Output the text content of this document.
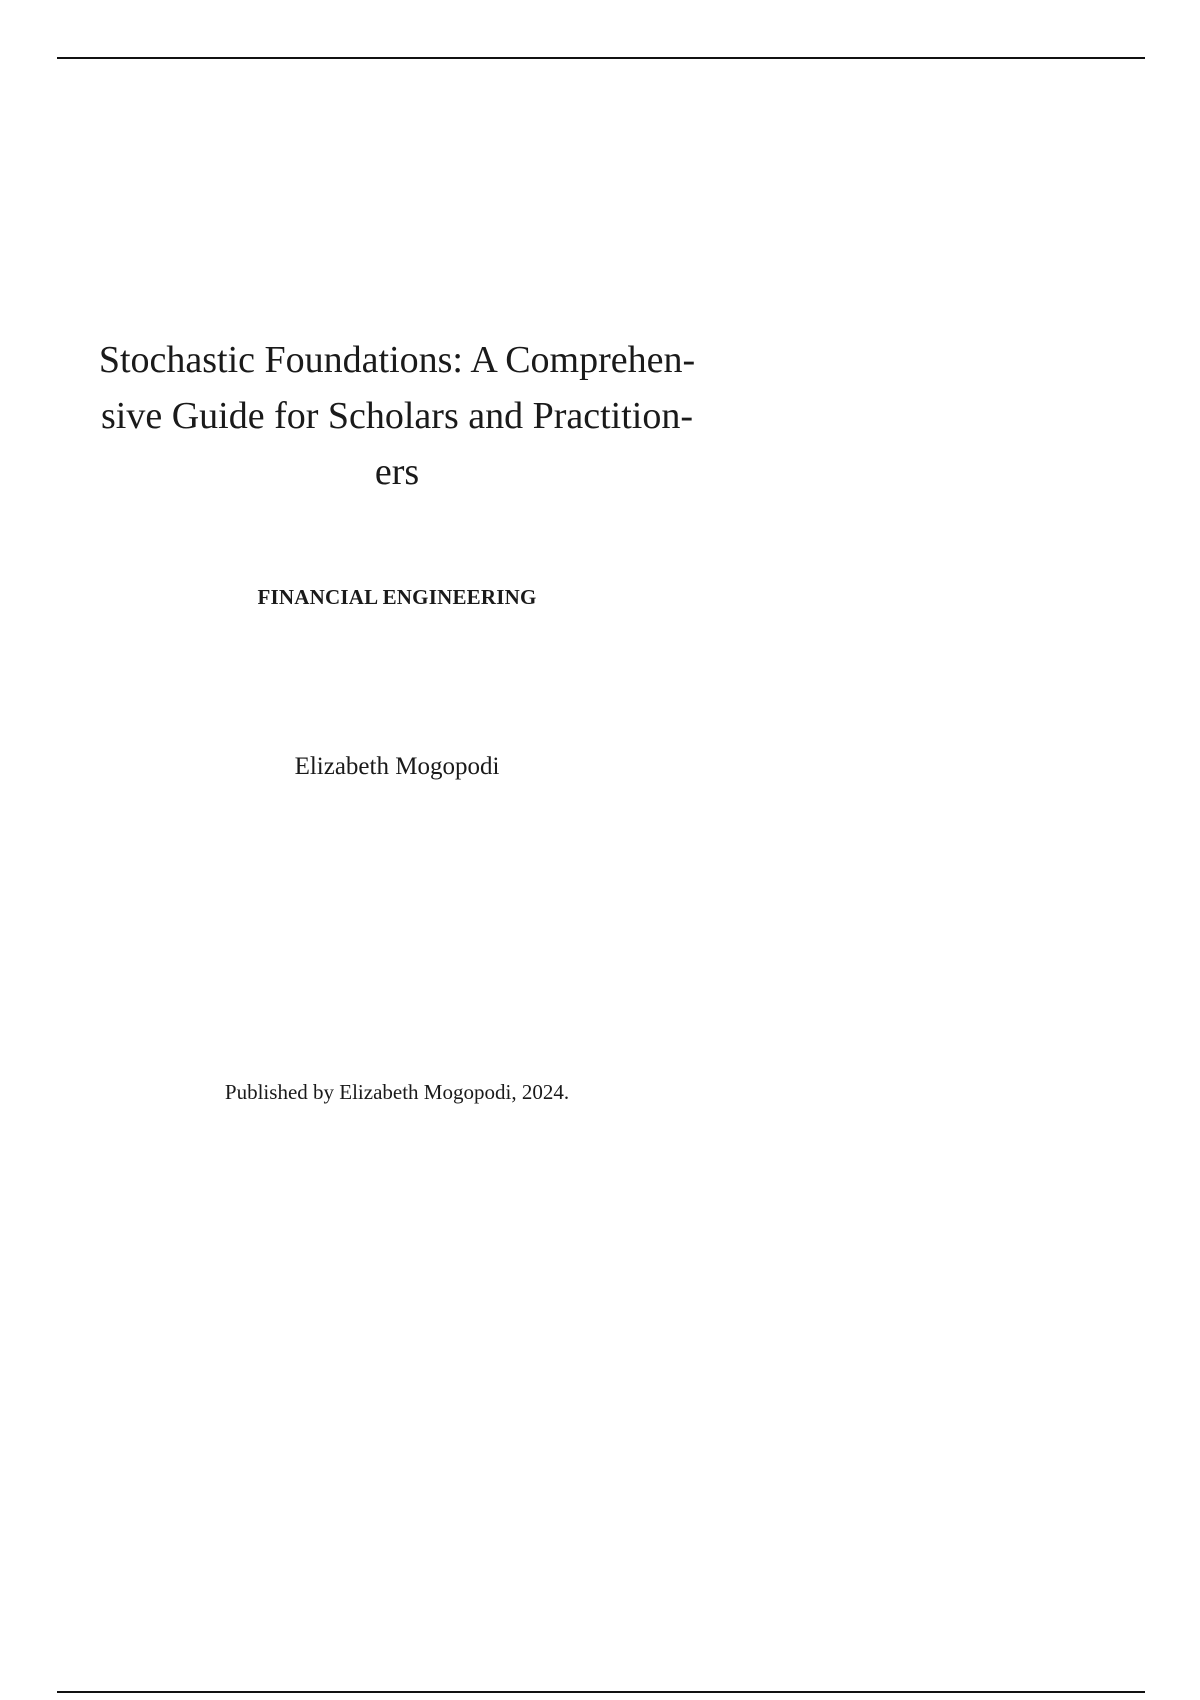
Stochastic Foundations: A Comprehen-
sive Guide for Scholars and Practition-
ers

FINANCIAL ENGINEERING

Elizabeth Mogopodi

Published by Elizabeth Mogopodi, 2024.
